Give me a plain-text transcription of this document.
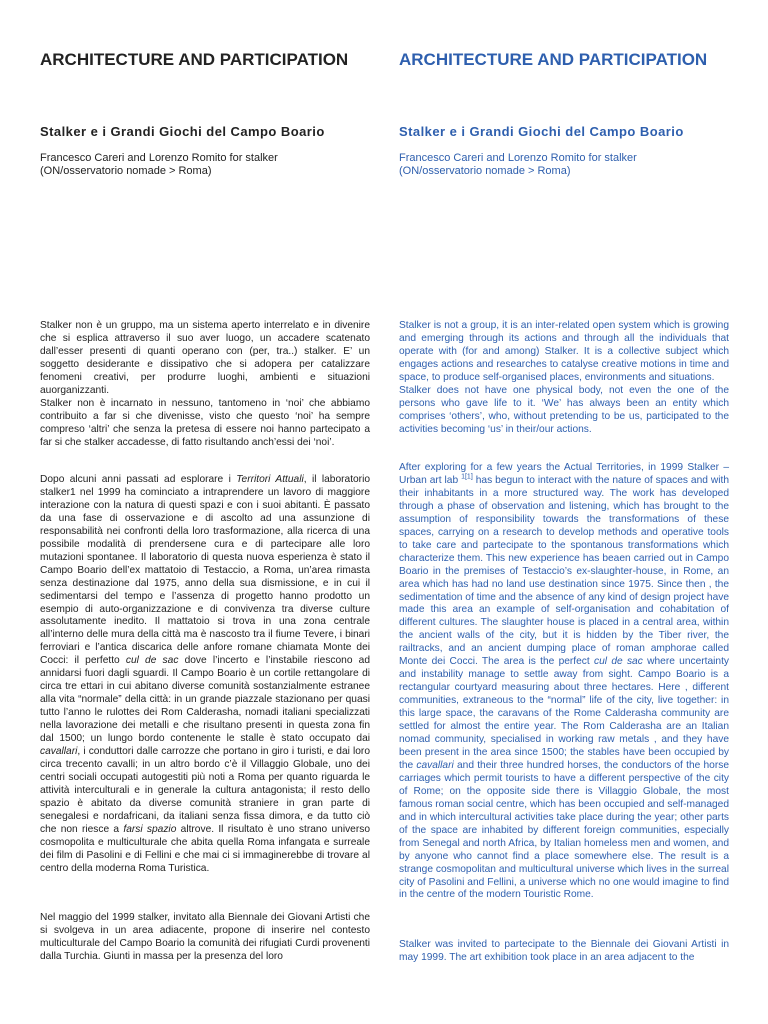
ARCHITECTURE AND PARTICIPATION
Stalker e i Grandi Giochi del Campo Boario
Francesco Careri and Lorenzo Romito for stalker
(ON/osservatorio nomade > Roma)

Stalker non è un gruppo, ma un sistema aperto interrelato e in divenire che si esplica attraverso il suo aver luogo, un accadere scatenato dall’esser presenti di quanti operano con (per, tra..) stalker. E’ un soggetto desiderante e dissipativo che si adopera per catalizzare fenomeni creativi, per produrre luoghi, ambienti e situazioni auorganizzanti.

Stalker non è incarnato in nessuno, tantomeno in ‘noi’ che abbiamo contribuito a far si che divenisse, visto che questo ‘noi’ ha sempre compreso ‘altri’ che senza la pretesa di essere noi hanno partecipato a far si che stalker accadesse, di fatto risultando anch’essi dei ‘noi’.

Dopo alcuni anni passati ad esplorare i Territori Attuali, il laboratorio stalker1 nel 1999 ha cominciato a intraprendere un lavoro di maggiore interazione con la natura di questi spazi e con i suoi abitanti. È passato da una fase di osservazione e di ascolto ad una assunzione di responsabilità nei confronti della loro trasformazione, alla ricerca di una possibile modalità di prendersene cura e di partecipare alle loro mutazioni spontanee. Il laboratorio di questa nuova esperienza è stato il Campo Boario dell’ex mattatoio di Testaccio, a Roma, un’area rimasta senza destinazione dal 1975, anno della sua dismissione, e in cui il sedimentarsi del tempo e l’assenza di progetto hanno prodotto un esempio di auto-organizzazione e di convivenza tra diverse culture assolutamente inedito. Il mattatoio si trova in una zona centrale all’interno delle mura della città ma è nascosto tra il fiume Tevere, i binari ferroviari e l’antica discarica delle anfore romane chiamata Monte dei Cocci: il perfetto cul de sac dove l’incerto e l’instabile riescono ad annidarsi fuori dagli sguardi. Il Campo Boario è un cortile rettangolare di circa tre ettari in cui abitano diverse comunità sostanzialmente estranee alla vita “normale” della città: in un grande piazzale stazionano per quasi tutto l’anno le rulottes dei Rom Calderasha, nomadi italiani specializzati nella lavorazione dei metalli e che risultano presenti in questa zona fin dal 1500; un lungo bordo contenente le stalle è stato occupato dai cavallari, i conduttori dalle carrozze che portano in giro i turisti, e dai loro circa trecento cavalli; in un altro bordo c’è il Villaggio Globale, uno dei centri sociali occupati autogestiti più noti a Roma per quanto riguarda le attività interculturali e in generale la cultura antagonista; il resto dello spazio è abitato da diverse comunità straniere in gran parte di senegalesi e nordafricani, da italiani senza fissa dimora, e da tutto ciò che non riesce a farsi spazio altrove. Il risultato è uno strano universo cosmopolita e multiculturale che abita quella Roma infangata e surreale dei film di Pasolini e di Fellini e che mai ci si immaginerebbe di trovare al centro della moderna Roma Turistica.

Nel maggio del 1999 stalker, invitato alla Biennale dei Giovani Artisti che si svolgeva in un area adiacente, propone di inserire nel contesto multiculturale del Campo Boario la comunità dei rifugiati Curdi provenenti dalla Turchia. Giunti in massa per la presenza del loro

ARCHITECTURE AND PARTICIPATION
Stalker e i Grandi Giochi del Campo Boario
Francesco Careri and Lorenzo Romito for stalker
(ON/osservatorio nomade > Roma)

Stalker is not a group, it is an inter-related open system which is growing and emerging through its actions and through all the individuals that operate with (for and among) Stalker. It is a collective subject which engages actions and researches to catalyse creative motions in time and space, to produce self-organised places, environments and situations.

Stalker does not have one physical body, not even the one of the persons who gave life to it. ‘We’ has always been an entity which comprises ‘others’, who, without pretending to be us, participated to the activities becoming ‘us’ in their/our actions.

After exploring for a few years the Actual Territories, in 1999 Stalker – Urban art lab $^{1[1]}$ has begun to interact with the nature of spaces and with their inhabitants in a more structured way. The work has developed through a phase of observation and listening, which has brought to the assumption of responsibility towards the transformations of these spaces, carrying on a research to develop methods and operative tools to take care and partecipate to the spontanous transformations which characterize them. This new experience has beaen carried out in Campo Boario in the premises of Testaccio’s ex-slaughter-house, in Rome, an area which has had no land use destination since 1975. Since then , the sedimentation of time and the absence of any kind of design project have made this area an example of self-organisation and cohabitation of different cultures. The slaughter house is placed in a central area, within the ancient walls of the city, but it is hidden by the Tiber river, the railtracks, and an ancient dumping place of roman amphorae called Monte dei Cocci. The area is the perfect cul de sac where uncertainty and instability manage to settle away from sight. Campo Boario is a rectangular courtyard measuring about three hectares. Here , different communities, extraneous to the “normal” life of the city, live together: in this large space, the caravans of the Rome Calderasha community are settled for almost the entire year. The Rom Calderasha are an Italian nomad community, specialised in working raw metals , and they have been present in the area since 1500; the stables have been occupied by the cavallari and their three hundred horses, the conductors of the horse carriages which permit tourists to have a different perspective of the city of Rome; on the opposite side there is Villaggio Globale, the most famous roman social centre, which has been occupied and self-managed and in which intercultural activities take place during the year; other parts of the space are inhabited by different foreign communities, especially from Senegal and north Africa, by Italian homeless men and women, and by anyone who cannot find a place somewhere else. The result is a strange cosmopolitan and multicultural universe which lives in the surreal city of Pasolini and Fellini, a universe which no one would imagine to find in the centre of the modern Touristic Rome.

Stalker was invited to partecipate to the Biennale dei Giovani Artisti in may 1999. The art exhibition took place in an area adjacent to the
